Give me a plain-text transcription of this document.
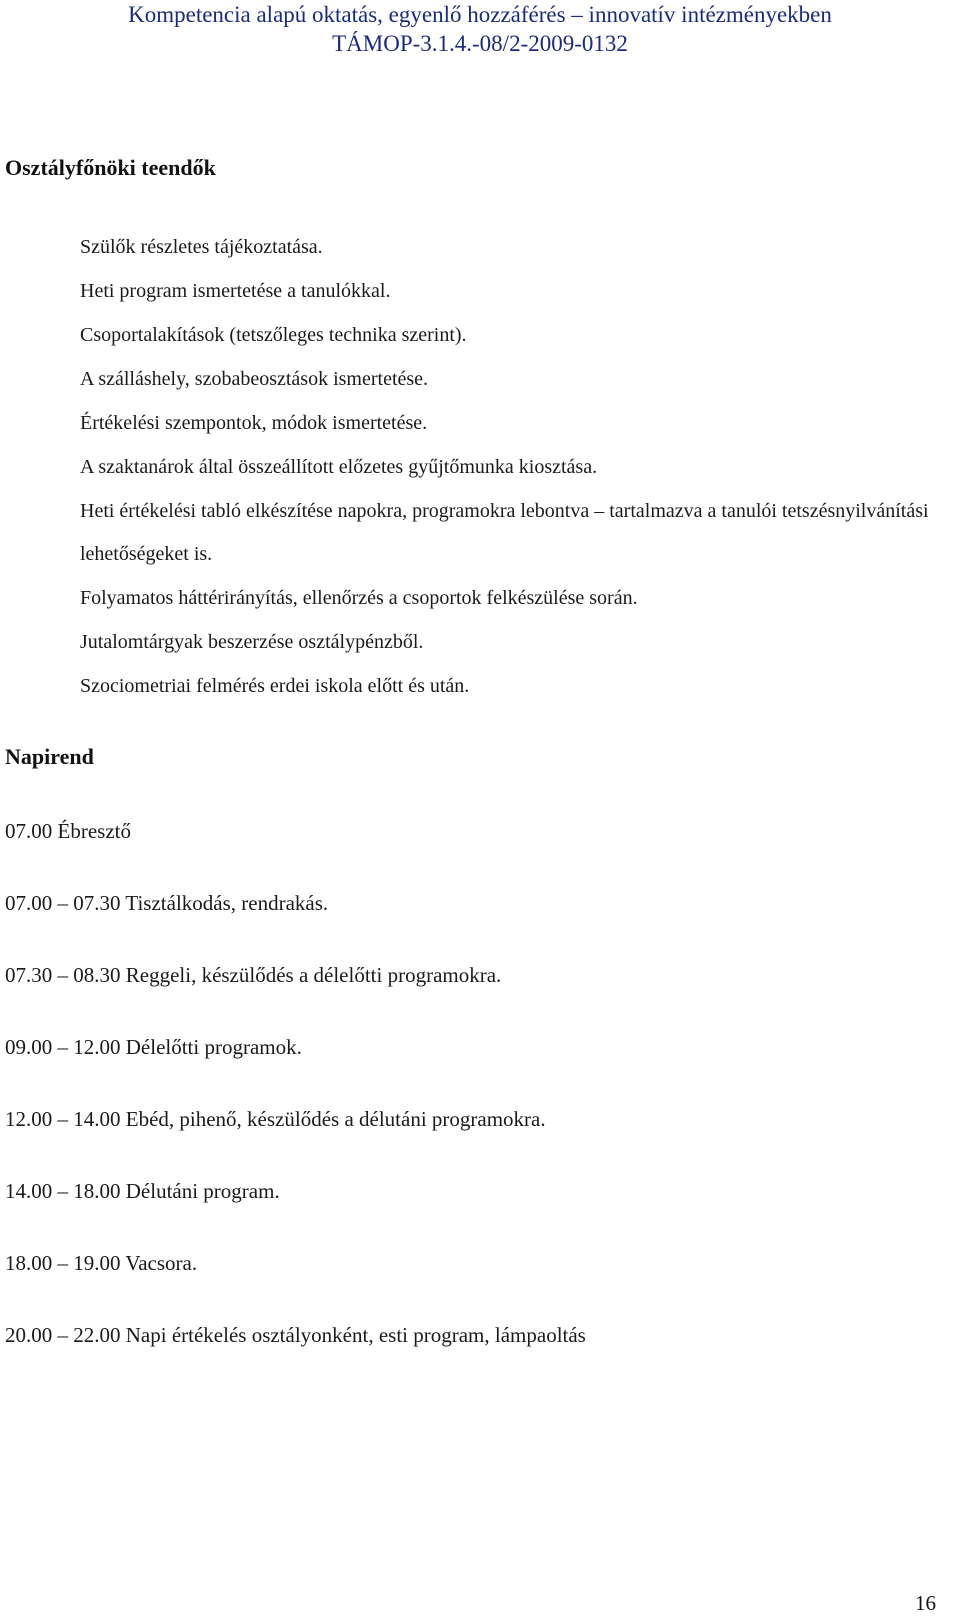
Kompetencia alapú oktatás, egyenlő hozzáférés – innovatív intézményekben
TÁMOP-3.1.4.-08/2-2009-0132
Osztályfőnöki teendők
Szülők részletes tájékoztatása.
Heti program ismertetése a tanulókkal.
Csoportalakítások (tetszőleges technika szerint).
A szálláshely, szobabeosztások ismertetése.
Értékelési szempontok, módok ismertetése.
A szaktanárok által összeállított előzetes gyűjtőmunka kiosztása.
Heti értékelési tabló elkészítése napokra, programokra lebontva – tartalmazva a tanulói tetszésnyilvánítási lehetőségeket is.
Folyamatos háttérirányítás, ellenőrzés a csoportok felkészülése során.
Jutalomtárgyak beszerzése osztálypénzből.
Szociometriai felmérés erdei iskola előtt és után.
Napirend
07.00 Ébresztő
07.00 – 07.30 Tisztálkodás, rendrakás.
07.30 – 08.30 Reggeli, készülődés a délelőtti programokra.
09.00 – 12.00 Délelőtti programok.
12.00 – 14.00 Ebéd, pihenő, készülődés a délutáni programokra.
14.00 – 18.00 Délutáni program.
18.00 – 19.00 Vacsora.
20.00 – 22.00 Napi értékelés osztályonként, esti program, lámpaoltás
16
